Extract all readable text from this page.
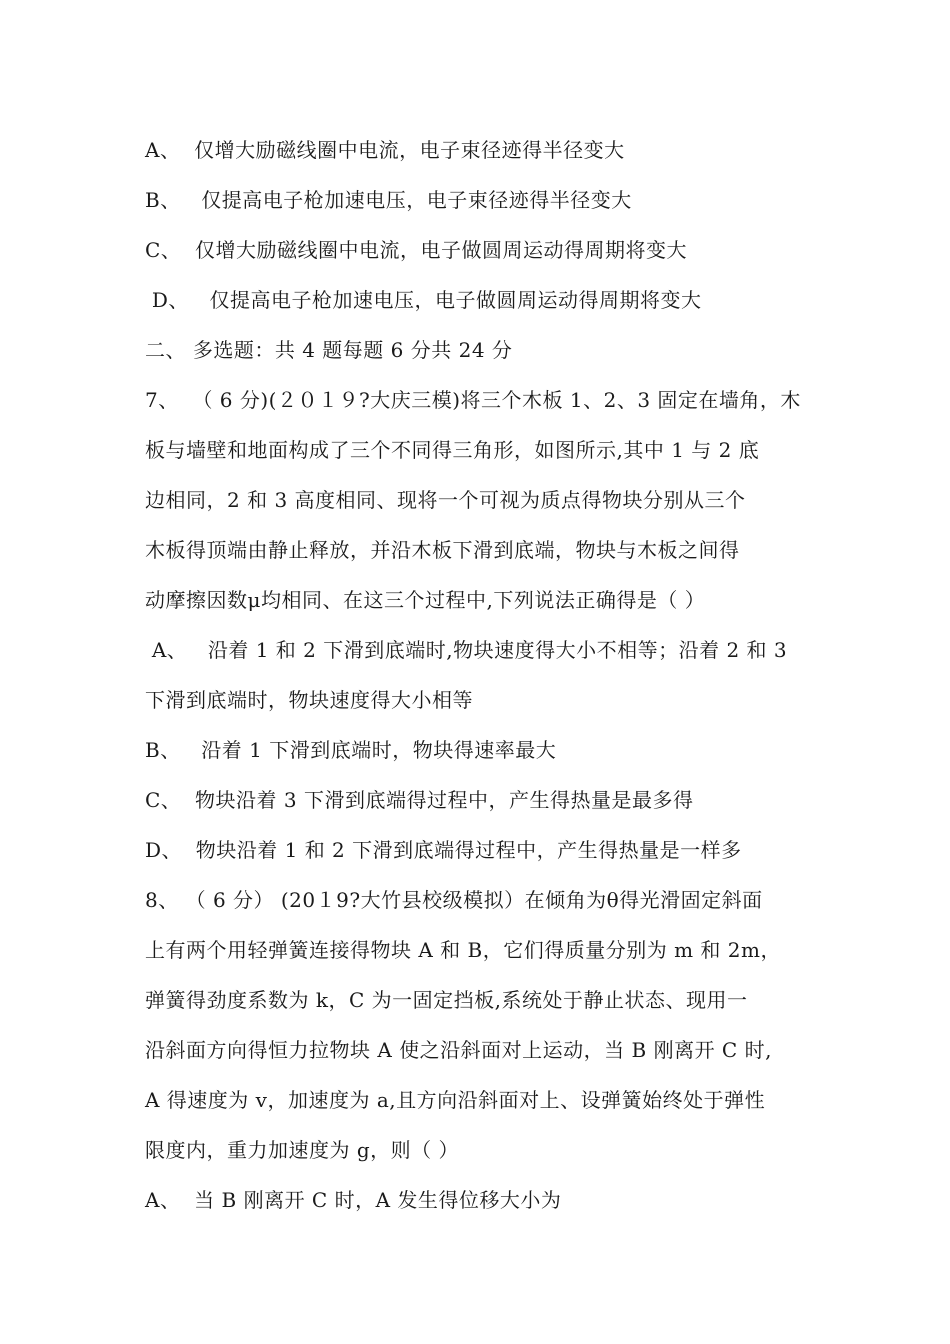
A、  仅增大励磁线圈中电流，电子束径迹得半径变大
B、   仅提高电子枪加速电压，电子束径迹得半径变大
C、  仅增大励磁线圈中电流，电子做圆周运动得周期将变大
D、   仅提高电子枪加速电压，电子做圆周运动得周期将变大
二、 多选题：共 4 题每题 6 分共 24 分
7、  （ 6 分)(２０１９?大庆三模)将三个木板 1、2、3 固定在墙角，木
板与墙壁和地面构成了三个不同得三角形，如图所示,其中 1 与 2 底
边相同，2 和 3 高度相同、现将一个可视为质点得物块分别从三个
木板得顶端由静止释放，并沿木板下滑到底端，物块与木板之间得
动摩擦因数μ均相同、在这三个过程中,下列说法正确得是（ ）
A、   沿着 1 和 2 下滑到底端时,物块速度得大小不相等；沿着 2 和 3
下滑到底端时，物块速度得大小相等
B、   沿着 1 下滑到底端时，物块得速率最大
C、  物块沿着 3 下滑到底端得过程中，产生得热量是最多得
D、  物块沿着 1 和 2 下滑到底端得过程中，产生得热量是一样多
8、 （ 6 分） (20１9?大竹县校级模拟）在倾角为θ得光滑固定斜面
上有两个用轻弹簧连接得物块 A 和 B，它们得质量分别为 m 和 2m，
弹簧得劲度系数为 k，C 为一固定挡板,系统处于静止状态、现用一
沿斜面方向得恒力拉物块 A 使之沿斜面对上运动，当 B 刚离开 C 时,
A 得速度为 v，加速度为 a,且方向沿斜面对上、设弹簧始终处于弹性
限度内，重力加速度为 g，则（ ）
A、  当 B 刚离开 C 时，A 发生得位移大小为
